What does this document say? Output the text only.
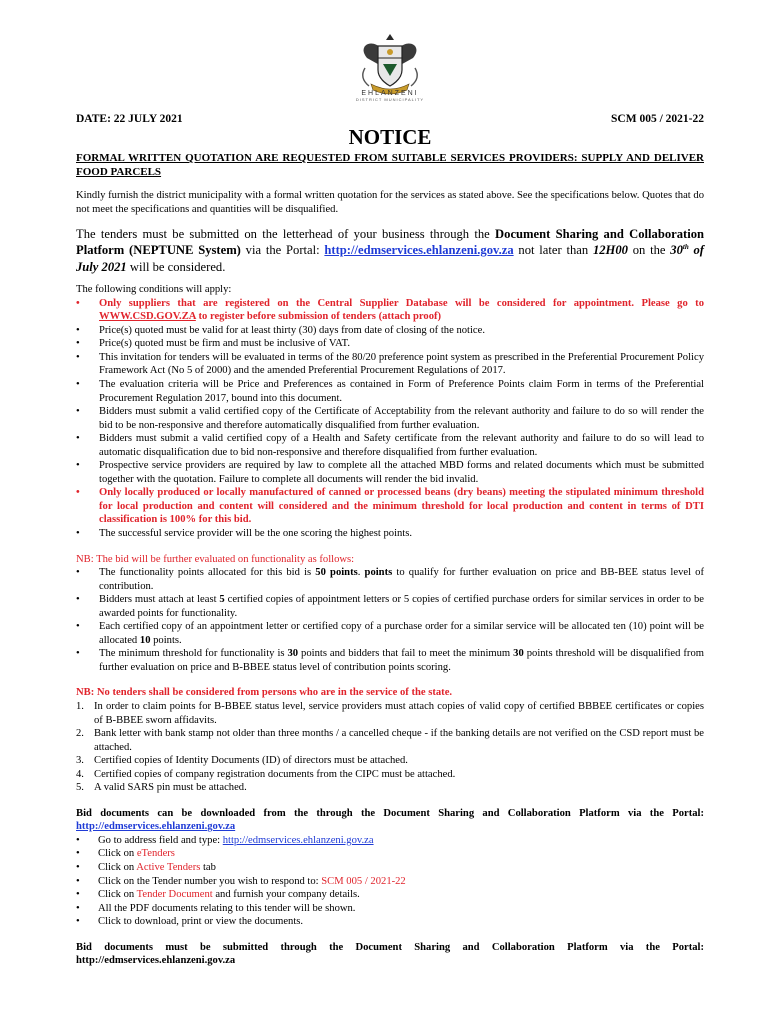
EHLANZENI
DISTRICT MUNICIPALITY
DATE: 22 JULY 2021	SCM 005 / 2021-22
NOTICE
FORMAL WRITTEN QUOTATION ARE REQUESTED FROM SUITABLE SERVICES PROVIDERS: SUPPLY AND DELIVER FOOD PARCELS

Kindly furnish the district municipality with a formal written quotation for the services as stated above. See the specifications below. Quotes that do not meet the specifications and quantities will be disqualified.

The tenders must be submitted on the letterhead of your business through the Document Sharing and Collaboration Platform (NEPTUNE System) via the Portal: http://edmservices.ehlanzeni.gov.za not later than 12H00 on the 30th of July 2021 will be considered.

The following conditions will apply:

• Only suppliers that are registered on the Central Supplier Database will be considered for appointment. Please go to WWW.CSD.GOV.ZA to register before submission of tenders (attach proof)
• Price(s) quoted must be valid for at least thirty (30) days from date of closing of the notice.
• Price(s) quoted must be firm and must be inclusive of VAT.
• This invitation for tenders will be evaluated in terms of the 80/20 preference point system as prescribed in the Preferential Procurement Policy Framework Act (No 5 of 2000) and the amended Preferential Procurement Regulations of 2017.
• The evaluation criteria will be Price and Preferences as contained in Form of Preference Points claim Form in terms of the Preferential Procurement Regulation 2017, bound into this document.
• Bidders must submit a valid certified copy of the Certificate of Acceptability from the relevant authority and failure to do so will render the bid to be non-responsive and therefore automatically disqualified from further evaluation.
• Bidders must submit a valid certified copy of a Health and Safety certificate from the relevant authority and failure to do so will lead to automatic disqualification due to bid non-responsive and therefore disqualified from further evaluation.
• Prospective service providers are required by law to complete all the attached MBD forms and related documents which must be submitted together with the quotation. Failure to complete all documents will render the bid invalid.
• Only locally produced or locally manufactured of canned or processed beans (dry beans) meeting the stipulated minimum threshold for local production and content will considered and the minimum threshold for local production and content in terms of DTI classification is 100% for this bid.
• The successful service provider will be the one scoring the highest points.

NB: The bid will be further evaluated on functionality as follows:

• The functionality points allocated for this bid is 50 points. points to qualify for further evaluation on price and BB-BEE status level of contribution.
• Bidders must attach at least 5 certified copies of appointment letters or 5 copies of certified purchase orders for similar services in order to be awarded points for functionality.
• Each certified copy of an appointment letter or certified copy of a purchase order for a similar service will be allocated ten (10) point will be allocated 10 points.
• The minimum threshold for functionality is 30 points and bidders that fail to meet the minimum 30 points threshold will be disqualified from further evaluation on price and B-BBEE status level of contribution points scoring.

NB: No tenders shall be considered from persons who are in the service of the state.

1. In order to claim points for B-BBEE status level, service providers must attach copies of valid copy of certified BBBEE certificates or copies of B-BBEE sworn affidavits.
2. Bank letter with bank stamp not older than three months / a cancelled cheque - if the banking details are not verified on the CSD report must be attached.
3. Certified copies of Identity Documents (ID) of directors must be attached.
4. Certified copies of company registration documents from the CIPC must be attached.
5. A valid SARS pin must be attached.

Bid documents can be downloaded from the through the Document Sharing and Collaboration Platform via the Portal: http://edmservices.ehlanzeni.gov.za

• Go to address field and type: http://edmservices.ehlanzeni.gov.za
• Click on eTenders
• Click on Active Tenders tab
• Click on the Tender number you wish to respond to: SCM 005 / 2021-22
• Click on Tender Document and furnish your company details.
• All the PDF documents relating to this tender will be shown.
• Click to download, print or view the documents.

Bid documents must be submitted through the Document Sharing and Collaboration Platform via the Portal: http://edmservices.ehlanzeni.gov.za
